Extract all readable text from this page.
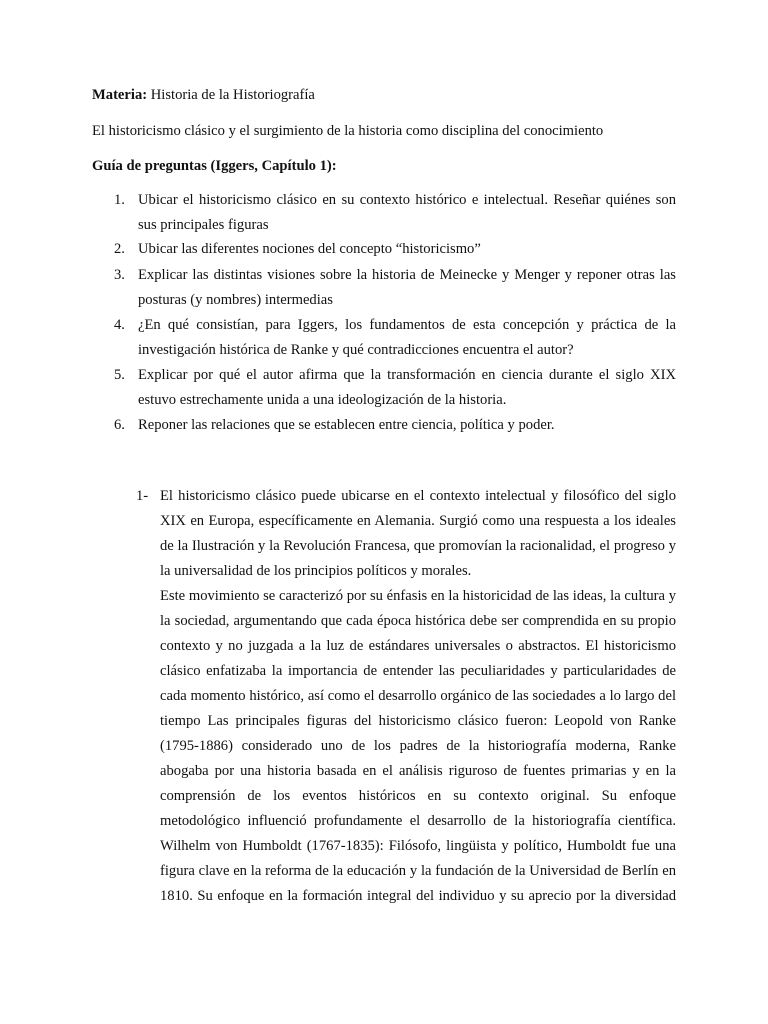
Materia: Historia de la Historiografía
El historicismo clásico y el surgimiento de la historia como disciplina del conocimiento
Guía de preguntas (Iggers, Capítulo 1):
1. Ubicar el historicismo clásico en su contexto histórico e intelectual. Reseñar quiénes son sus principales figuras
2. Ubicar las diferentes nociones del concepto “historicismo”
3. Explicar las distintas visiones sobre la historia de Meinecke y Menger y reponer otras las posturas (y nombres) intermedias
4. ¿En qué consistían, para Iggers, los fundamentos de esta concepción y práctica de la investigación histórica de Ranke y qué contradicciones encuentra el autor?
5. Explicar por qué el autor afirma que la transformación en ciencia durante el siglo XIX estuvo estrechamente unida a una ideologización de la historia.
6. Reponer las relaciones que se establecen entre ciencia, política y poder.
1- El historicismo clásico puede ubicarse en el contexto intelectual y filosófico del siglo XIX en Europa, específicamente en Alemania. Surgió como una respuesta a los ideales de la Ilustración y la Revolución Francesa, que promovían la racionalidad, el progreso y la universalidad de los principios políticos y morales.
Este movimiento se caracterizó por su énfasis en la historicidad de las ideas, la cultura y la sociedad, argumentando que cada época histórica debe ser comprendida en su propio contexto y no juzgada a la luz de estándares universales o abstractos. El historicismo clásico enfatizaba la importancia de entender las peculiaridades y particularidades de cada momento histórico, así como el desarrollo orgánico de las sociedades a lo largo del tiempo Las principales figuras del historicismo clásico fueron: Leopold von Ranke (1795-1886) considerado uno de los padres de la historiografía moderna, Ranke abogaba por una historia basada en el análisis riguroso de fuentes primarias y en la comprensión de los eventos históricos en su contexto original. Su enfoque metodológico influenció profundamente el desarrollo de la historiografía científica. Wilhelm von Humboldt (1767-1835): Filósofo, lingüista y político, Humboldt fue una figura clave en la reforma de la educación y la fundación de la Universidad de Berlín en 1810. Su enfoque en la formación integral del individuo y su aprecio por la diversidad
